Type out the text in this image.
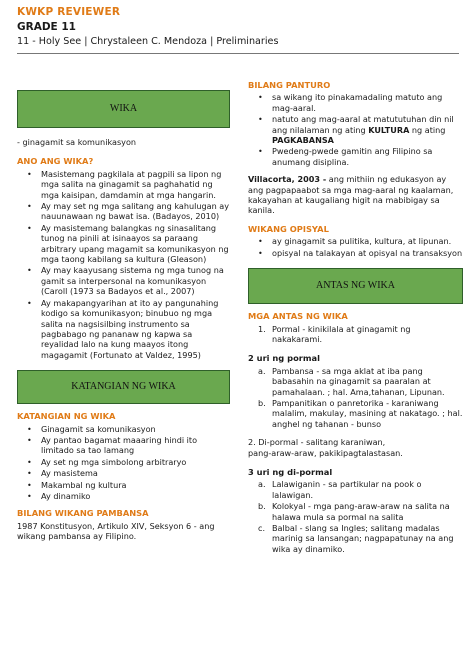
KWKP REVIEWER
GRADE 11
11 - Holy See | Chrystaleen C. Mendoza | Preliminaries
WIKA

- ginagamit sa komunikasyon

ANO ANG WIKA?
• Masistemang pagkilala at pagpili sa lipon ng mga salita na ginagamit sa paghahatid ng mga kaisipan, damdamin at mga hangarin.
• Ay may set ng mga salitang ang kahulugan ay nauunawaan ng bawat isa. (Badayos, 2010)
• Ay masistemang balangkas ng sinasalitang tunog na pinili at isinaayos sa paraang arbitrary upang magamit sa komunikasyon ng mga taong kabilang sa kultura (Gleason)
• Ay may kaayusang sistema ng mga tunog na gamit sa interpersonal na komunikasyon (Caroll (1973 sa Badayos et al., 2007)
• Ay makapangyarihan at ito ay pangunahing kodigo sa komunikasyon; binubuo ng mga salita na nagsisilbing instrumento sa pagbabago ng pananaw ng kapwa sa reyalidad lalo na kung maayos itong magagamit (Fortunato at Valdez, 1995)
KATANGIAN NG WIKA
KATANGIAN NG WIKA
• Ginagamit sa komunikasyon
• Ay pantao bagamat maaaring hindi ito limitado sa tao lamang
• Ay set ng mga simbolong arbitraryo
• Ay masistema
• Makambal ng kultura
• Ay dinamiko
BILANG WIKANG PAMBANSA

1987 Konstitusyon, Artikulo XIV, Seksyon 6 - ang wikang pambansa ay Filipino.

BILANG PANTURO
• sa wikang ito pinakamadaling matuto ang mag-aaral.
• natuto ang mag-aaral at matututuhan din nil ang nilalaman ng ating KULTURA ng ating PAGKABANSA
• Pwedeng-pwede gamitin ang Filipino sa anumang disiplina.

Villacorta, 2003 - ang mithiin ng edukasyon ay ang pagpapaabot sa mga mag-aaral ng kaalaman, kakayahan at kaugaliang higit na mabibigay sa kanila.

WIKANG OPISYAL
• ay ginagamit sa pulitika, kultura, at lipunan.
• opisyal na talakayan at opisyal na transaksyon
ANTAS NG WIKA
MGA ANTAS NG WIKA
1. Pormal - kinikilala at ginagamit ng nakakarami.
2 uri ng pormal
a. Pambansa - sa mga aklat at iba pang babasahin na ginagamit sa paaralan at pamahalaan. ; hal. Ama,tahanan, Lipunan.
b. Pampanitikan o panretorika - karaniwang malalim, makulay, masining at nakatago. ; hal. anghel ng tahanan - bunso

2. Di-pormal - salitang karaniwan,
pang-araw-araw, pakikipagtalastasan.

3 uri ng di-pormal
a. Lalawiganin - sa partikular na pook o lalawigan.
b. Kolokyal - mga pang-araw-araw na salita na halawa mula sa pormal na salita
c. Balbal - slang sa Ingles; salitang madalas marinig sa lansangan; nagpapatunay na ang wika ay dinamiko.
